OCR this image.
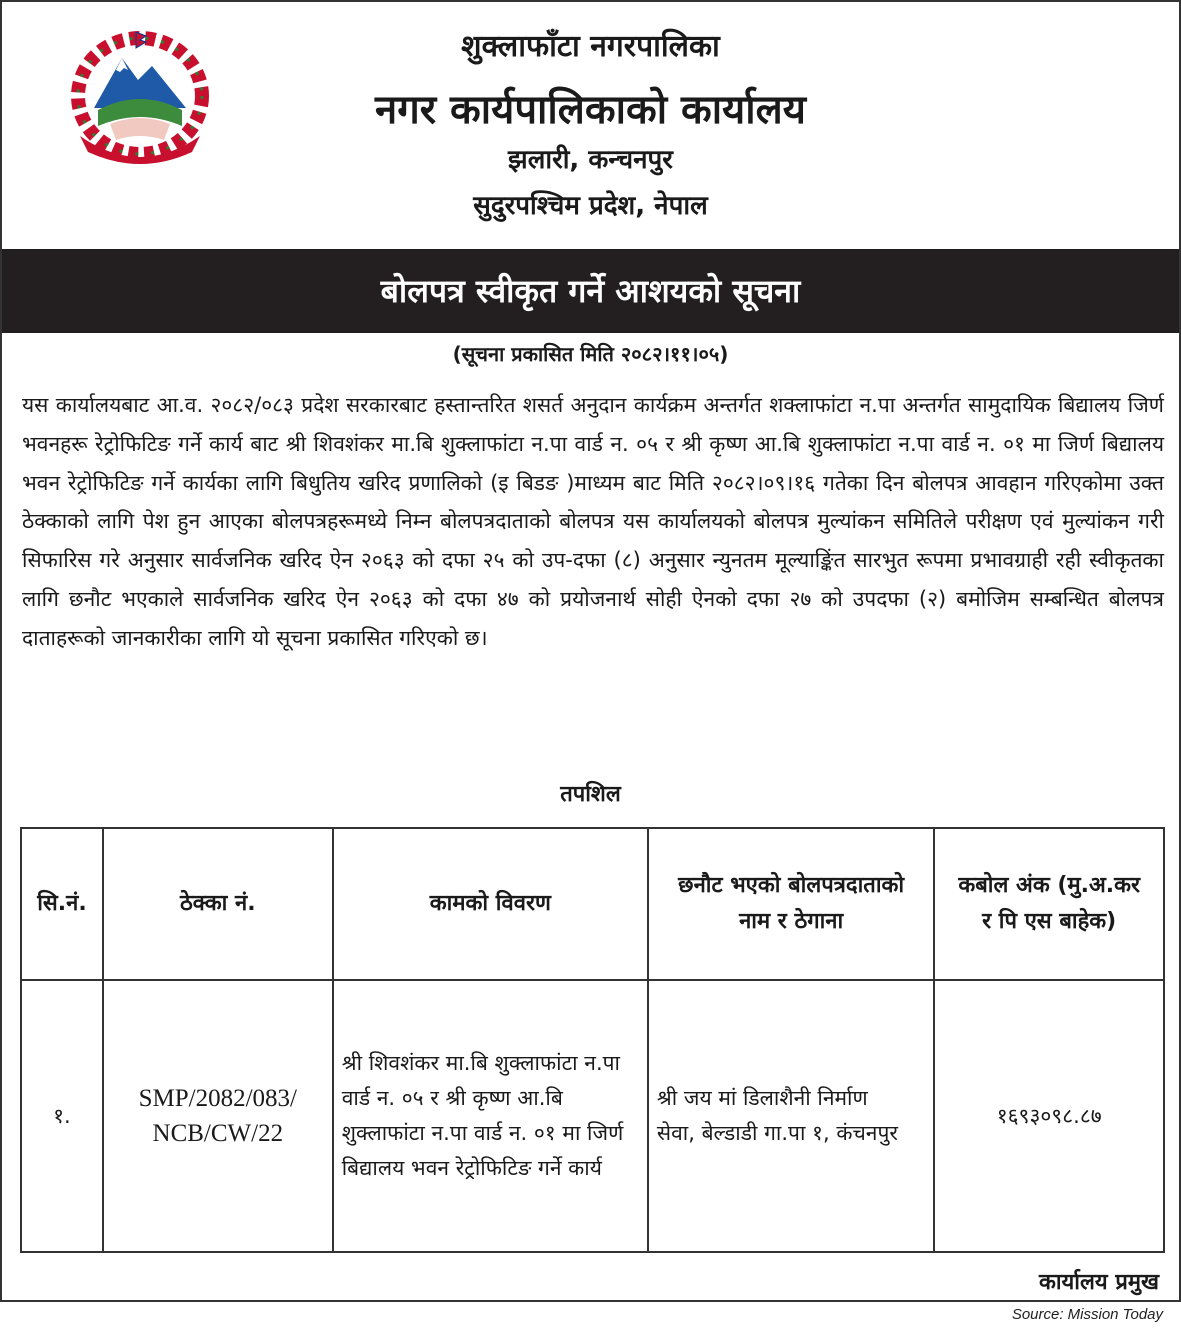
शुक्लाफाँटा नगरपालिका
नगर कार्यपालिकाको कार्यालय
झलारी, कन्चनपुर
सुदुरपश्चिम प्रदेश, नेपाल
बोलपत्र स्वीकृत गर्ने आशयको सूचना
(सूचना प्रकासित मिति २०८२।११।०५)
यस कार्यालयबाट आ.व. २०८२/०८३ प्रदेश सरकारबाट हस्तान्तरित शसर्त अनुदान कार्यक्रम अन्तर्गत शक्लाफांटा न.पा अन्तर्गत सामुदायिक बिद्यालय जिर्ण भवनहरू रेट्रोफिटिङ गर्ने कार्य बाट श्री शिवशंकर मा.बि शुक्लाफांटा न.पा वार्ड न. ०५ र श्री कृष्ण आ.बि शुक्लाफांटा न.पा वार्ड न. ०१ मा जिर्ण बिद्यालय भवन रेट्रोफिटिङ गर्ने कार्यका लागि बिधुतिय खरिद प्रणालिको (इ बिडङ )माध्यम बाट मिति २०८२।०९।१६ गतेका दिन बोलपत्र आवहान गरिएकोमा उक्त ठेक्काको लागि पेश हुन आएका बोलपत्रहरूमध्ये निम्न बोलपत्रदाताको बोलपत्र यस कार्यालयको बोलपत्र मुल्यांकन समितिले परीक्षण एवं मुल्यांकन गरी सिफारिस गरे अनुसार सार्वजनिक खरिद ऐन २०६३ को दफा २५ को उप-दफा (८) अनुसार न्युनतम मूल्याङ्किंत सारभुत रूपमा प्रभावग्राही रही स्वीकृतका लागि छनौट भएकाले सार्वजनिक खरिद ऐन २०६३ को दफा ४७ को प्रयोजनार्थ सोही ऐनको दफा २७ को उपदफा (२) बमोजिम सम्बन्धित बोलपत्र दाताहरूको जानकारीका लागि यो सूचना प्रकासित गरिएको छ।
तपशिल
सि.नं.	ठेक्का नं.	कामको विवरण	छनौट भएको बोलपत्रदाताको नाम र ठेगाना	कबोल अंक (मु.अ.कर र पि एस बाहेक)
१.	SMP/2082/083/ NCB/CW/22	श्री शिवशंकर मा.बि शुक्लाफांटा न.पा वार्ड न. ०५ र श्री कृष्ण आ.बि शुक्लाफांटा न.पा वार्ड न. ०१ मा जिर्ण बिद्यालय भवन रेट्रोफिटिङ गर्ने कार्य	श्री जय मां डिलाशैनी निर्माण सेवा, बेल्डाडी गा.पा १, कंचनपुर	१६९३०९८.८७
कार्यालय प्रमुख
Source: Mission Today
